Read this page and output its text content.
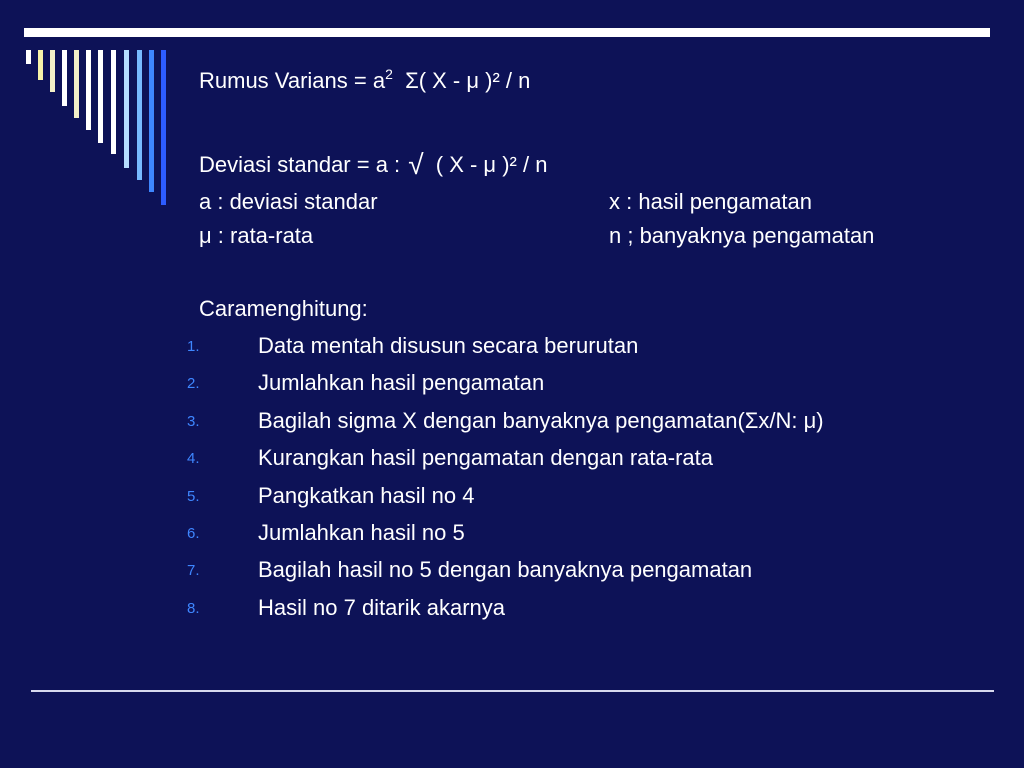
Rumus Varians = $a^2$  Σ( X - μ )² / n
Deviasi standar = a : √ ( X - μ )² / n
a : deviasi standar	x : hasil pengamatan
μ : rata-rata	n ; banyaknya pengamatan
Caramenghitung:
1.	Data mentah disusun secara berurutan
2.	Jumlahkan hasil pengamatan
3.	Bagilah sigma X dengan banyaknya pengamatan(Σx/N: μ)
4.	Kurangkan hasil pengamatan dengan rata-rata
5.	Pangkatkan hasil no 4
6.	Jumlahkan hasil no 5
7.	Bagilah hasil no 5 dengan banyaknya pengamatan
8.	Hasil no 7 ditarik akarnya
